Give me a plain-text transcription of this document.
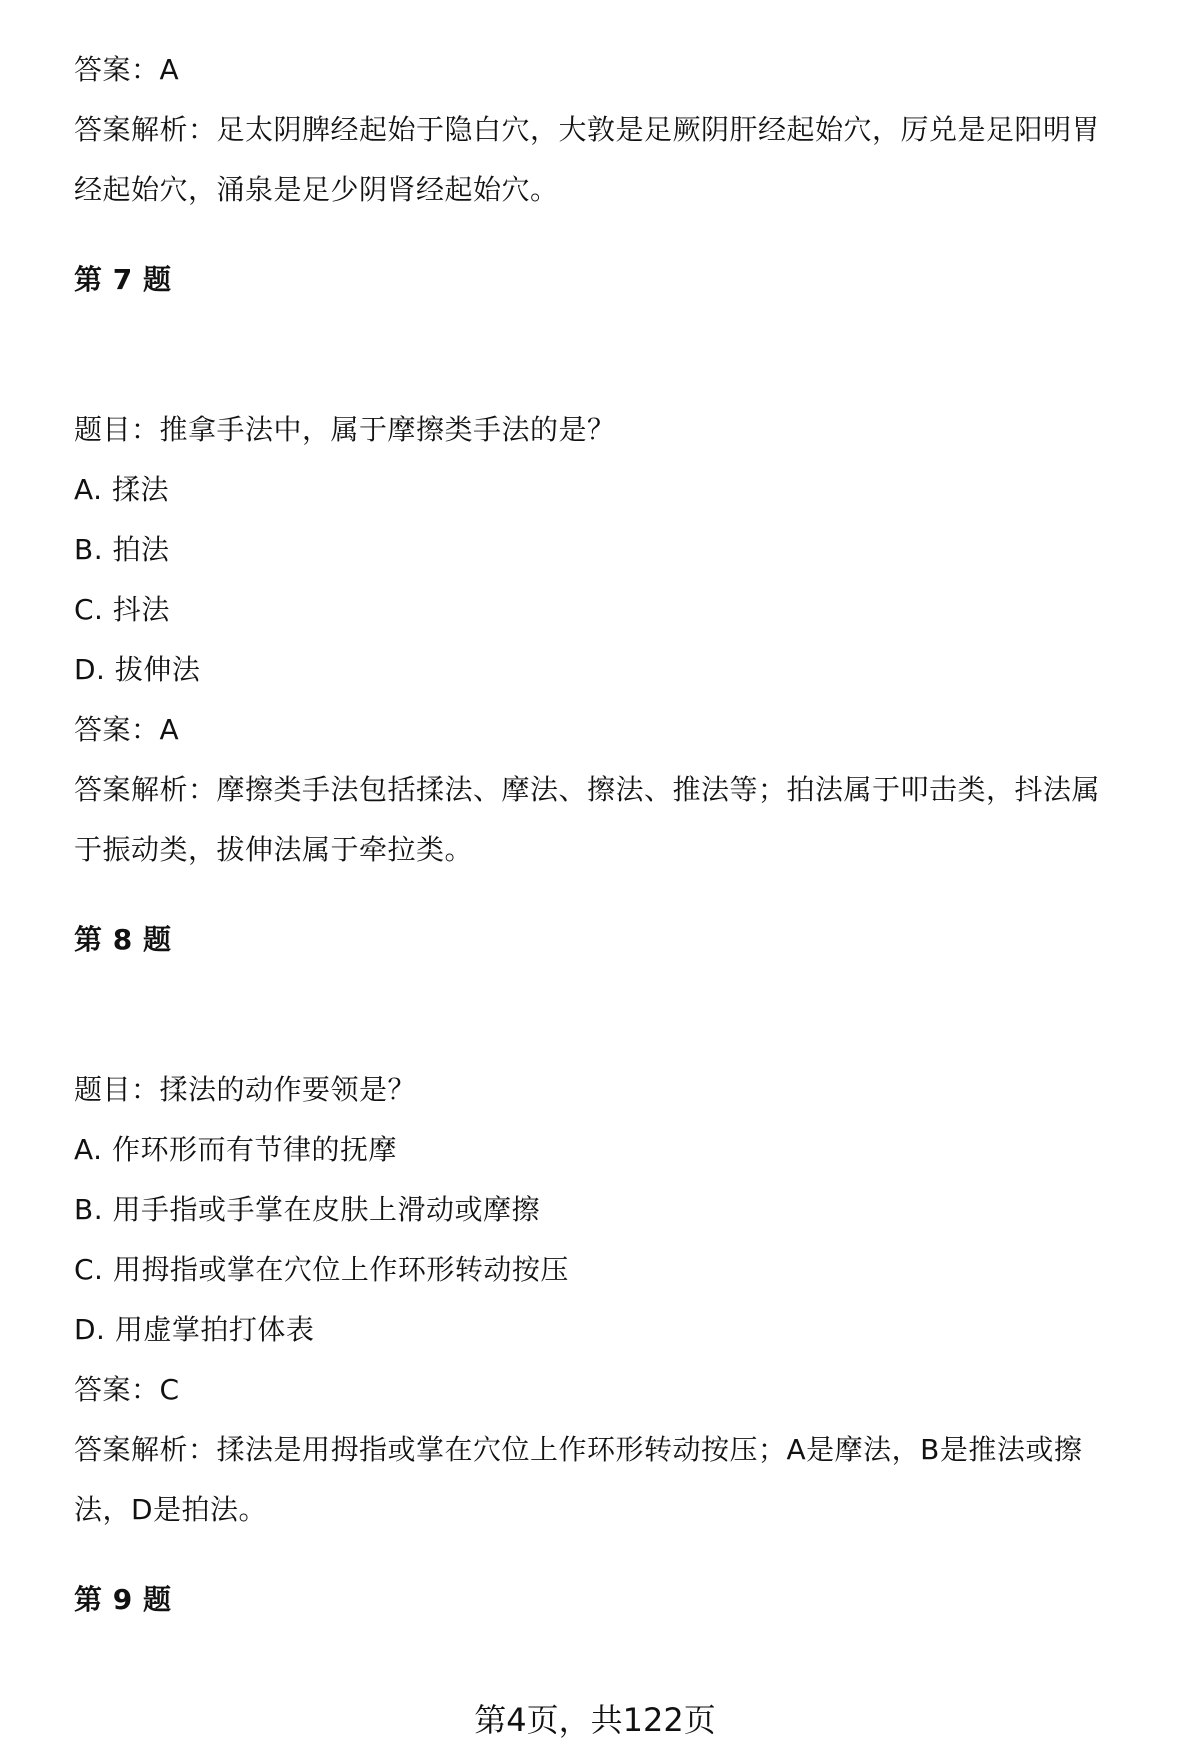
答案：A
答案解析：足太阴脾经起始于隐白穴，大敦是足厥阴肝经起始穴，厉兑是足阳明胃
经起始穴，涌泉是足少阴肾经起始穴。
第 7 题
题目：推拿手法中，属于摩擦类手法的是？
A. 揉法
B. 拍法
C. 抖法
D. 拔伸法
答案：A
答案解析：摩擦类手法包括揉法、摩法、擦法、推法等；拍法属于叩击类，抖法属
于振动类，拔伸法属于牵拉类。
第 8 题
题目：揉法的动作要领是？
A. 作环形而有节律的抚摩
B. 用手指或手掌在皮肤上滑动或摩擦
C. 用拇指或掌在穴位上作环形转动按压
D. 用虚掌拍打体表
答案：C
答案解析：揉法是用拇指或掌在穴位上作环形转动按压；A是摩法，B是推法或擦
法，D是拍法。
第 9 题
第4页，共122页
